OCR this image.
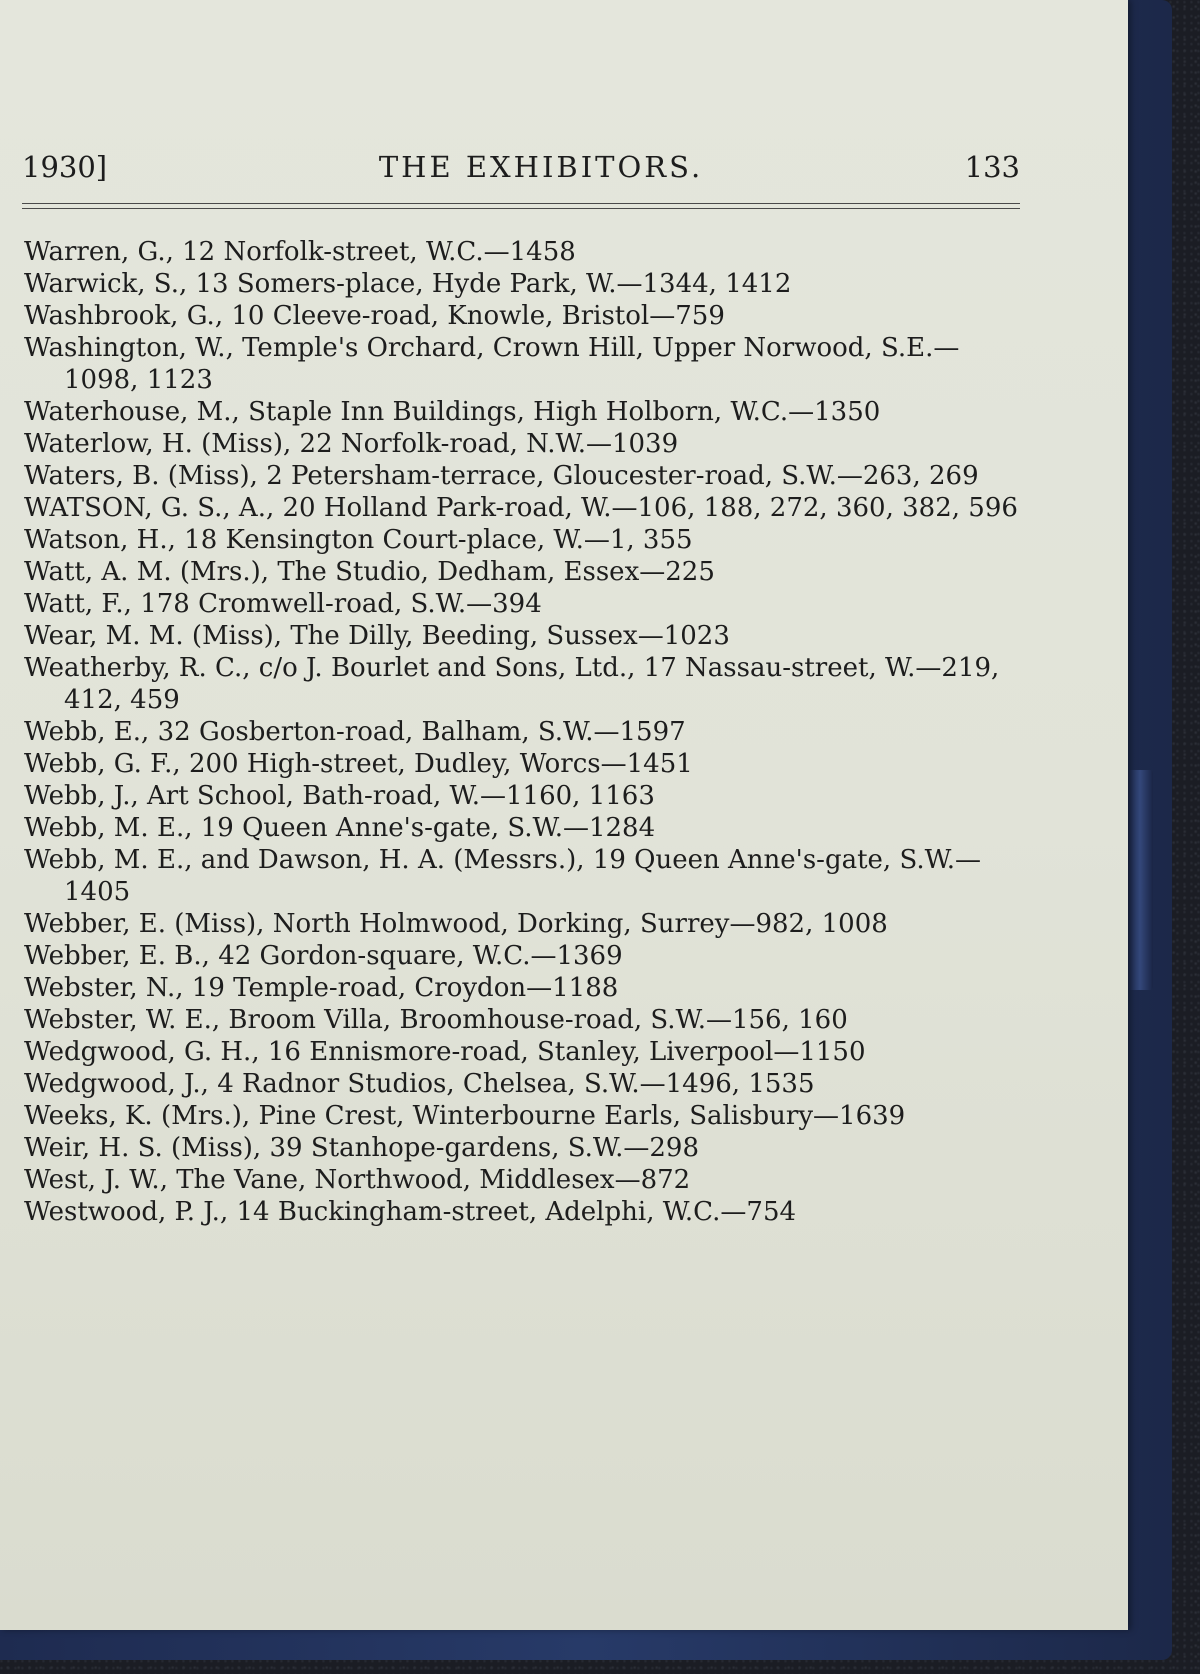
1930]	THE EXHIBITORS.	133
Warren, G., 12 Norfolk-street, W.C.—1458
Warwick, S., 13 Somers-place, Hyde Park, W.—1344, 1412
Washbrook, G., 10 Cleeve-road, Knowle, Bristol—759
Washington, W., Temple's Orchard, Crown Hill, Upper Norwood, S.E.—1098, 1123
Waterhouse, M., Staple Inn Buildings, High Holborn, W.C.—1350
Waterlow, H. (Miss), 22 Norfolk-road, N.W.—1039
Waters, B. (Miss), 2 Petersham-terrace, Gloucester-road, S.W.—263, 269
WATSON, G. S., A., 20 Holland Park-road, W.—106, 188, 272, 360, 382, 596
Watson, H., 18 Kensington Court-place, W.—1, 355
Watt, A. M. (Mrs.), The Studio, Dedham, Essex—225
Watt, F., 178 Cromwell-road, S.W.—394
Wear, M. M. (Miss), The Dilly, Beeding, Sussex—1023
Weatherby, R. C., c/o J. Bourlet and Sons, Ltd., 17 Nassau-street, W.—219, 412, 459
Webb, E., 32 Gosberton-road, Balham, S.W.—1597
Webb, G. F., 200 High-street, Dudley, Worcs—1451
Webb, J., Art School, Bath-road, W.—1160, 1163
Webb, M. E., 19 Queen Anne's-gate, S.W.—1284
Webb, M. E., and Dawson, H. A. (Messrs.), 19 Queen Anne's-gate, S.W.—1405
Webber, E. (Miss), North Holmwood, Dorking, Surrey—982, 1008
Webber, E. B., 42 Gordon-square, W.C.—1369
Webster, N., 19 Temple-road, Croydon—1188
Webster, W. E., Broom Villa, Broomhouse-road, S.W.—156, 160
Wedgwood, G. H., 16 Ennismore-road, Stanley, Liverpool—1150
Wedgwood, J., 4 Radnor Studios, Chelsea, S.W.—1496, 1535
Weeks, K. (Mrs.), Pine Crest, Winterbourne Earls, Salisbury—1639
Weir, H. S. (Miss), 39 Stanhope-gardens, S.W.—298
West, J. W., The Vane, Northwood, Middlesex—872
Westwood, P. J., 14 Buckingham-street, Adelphi, W.C.—754
